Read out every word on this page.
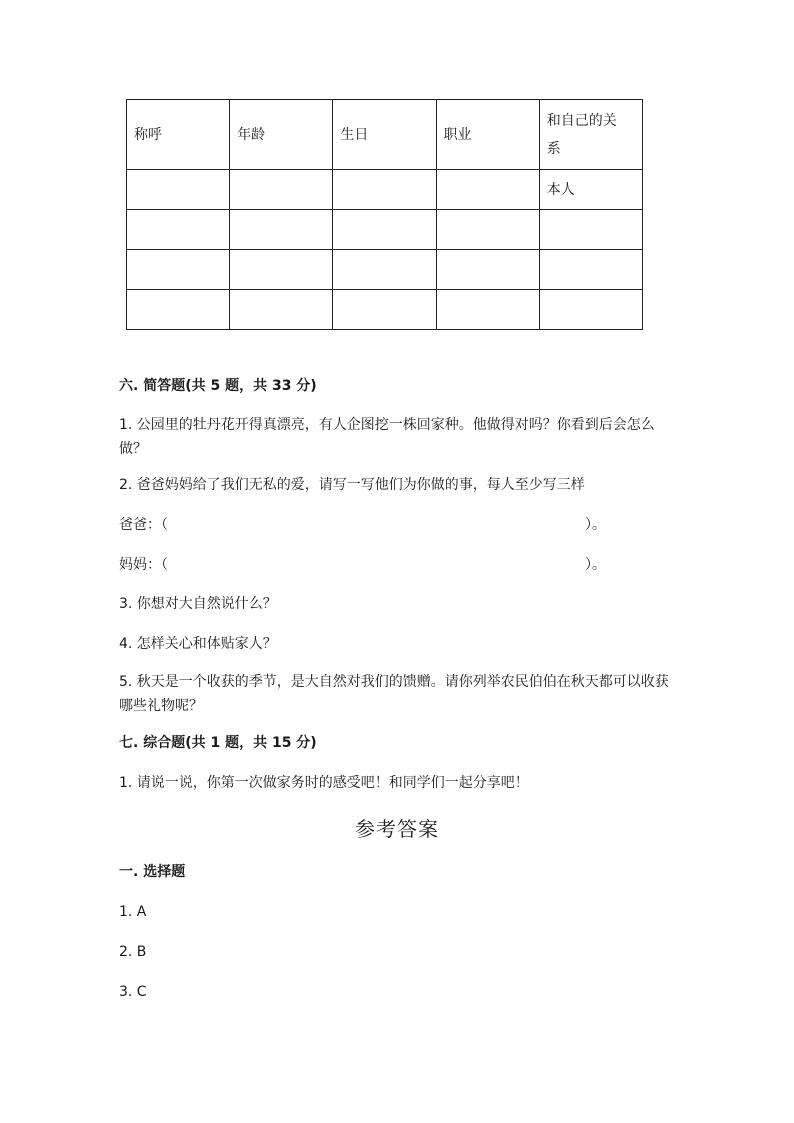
称呼	年龄	生日	职业	和自己的关系
				本人

六. 简答题(共 5 题，共 33 分)
1. 公园里的牡丹花开得真漂亮，有人企图挖一株回家种。他做得对吗？你看到后会怎么做？
2. 爸爸妈妈给了我们无私的爱，请写一写他们为你做的事，每人至少写三样
爸爸：（	）。
妈妈：（	）。
3. 你想对大自然说什么？
4. 怎样关心和体贴家人？
5. 秋天是一个收获的季节，是大自然对我们的馈赠。请你列举农民伯伯在秋天都可以收获哪些礼物呢？
七. 综合题(共 1 题，共 15 分)
1. 请说一说，你第一次做家务时的感受吧！和同学们一起分享吧！
参考答案
一. 选择题
1. A
2. B
3. C
